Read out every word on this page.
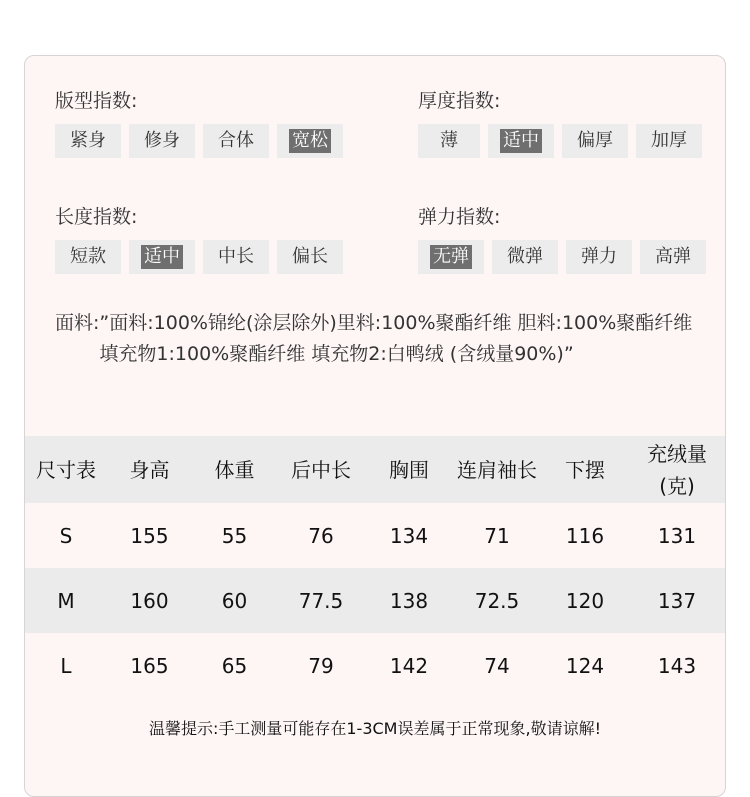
版型指数:
紧身	修身	合体	宽松
厚度指数:
薄	适中	偏厚	加厚
长度指数:
短款	适中	中长	偏长
弹力指数:
无弹	微弹	弹力	高弹
面料: ”面料:100%锦纶(涂层除外)里料:100%聚酯纤维 胆料:100%聚酯纤维 填充物1:100%聚酯纤维 填充物2:白鸭绒 (含绒量90%)”
尺寸表	身高	体重	后中长	胸围	连肩袖长	下摆	充绒量
(克)
S	155	55	76	134	71	116	131
M	160	60	77.5	138	72.5	120	137
L	165	65	79	142	74	124	143
温馨提示:手工测量可能存在1-3CM误差属于正常现象,敬请谅解!
